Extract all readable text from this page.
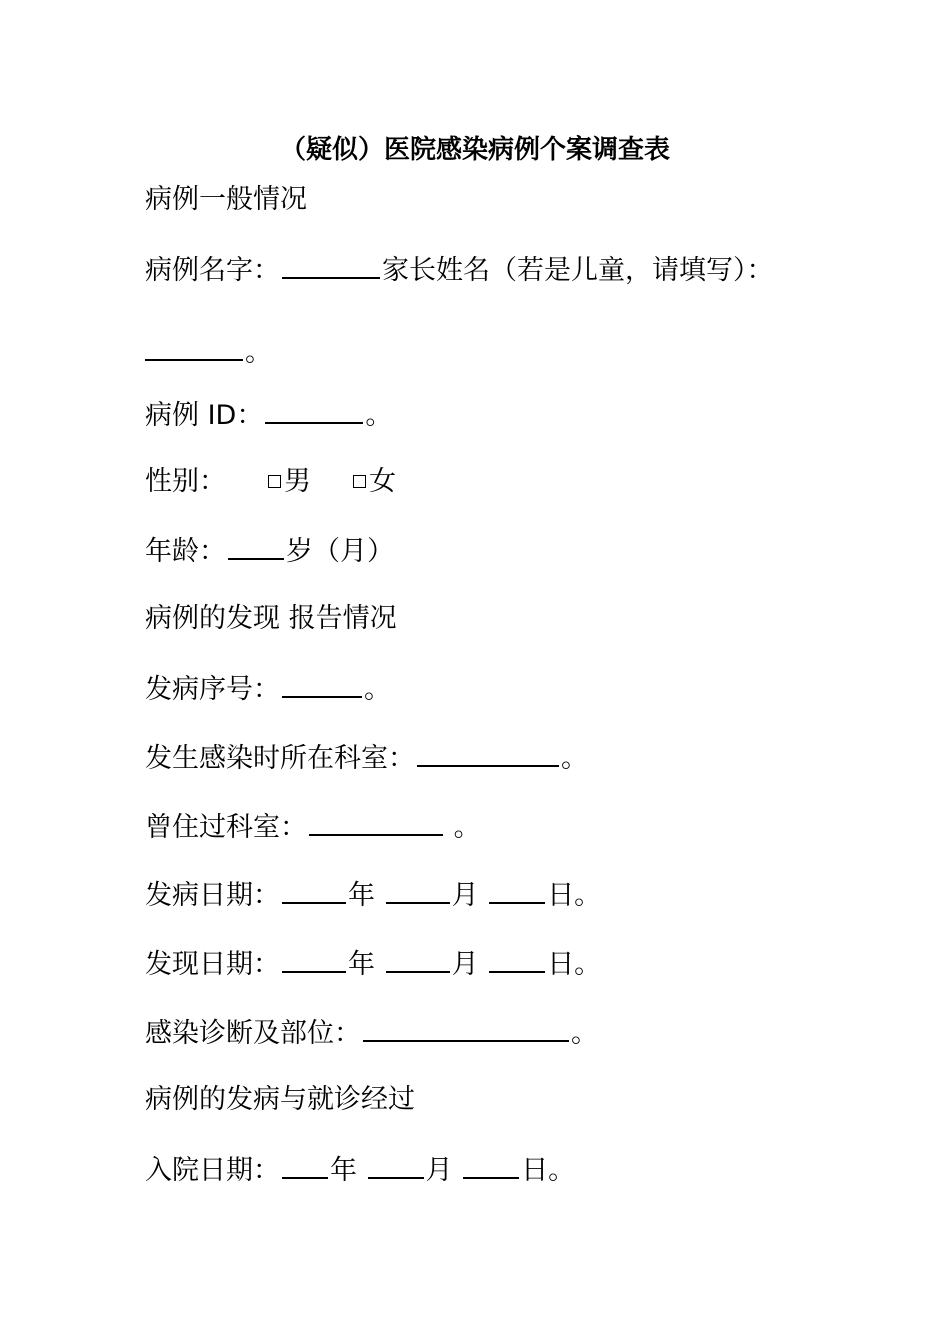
（疑似）医院感染病例个案调查表
病例一般情况
病例名字：	家长姓名（若是儿童，请填写）：
。
病例 ID：	。
性别： 男 女
年龄： 岁（月）
病例的发现 报告情况
发病序号：	。
发生感染时所在科室：	。
曾住过科室：	。
发病日期：	年	月	日。
发现日期：	年	月	日。
感染诊断及部位：	。
病例的发病与就诊经过
入院日期： 年	月	日。
